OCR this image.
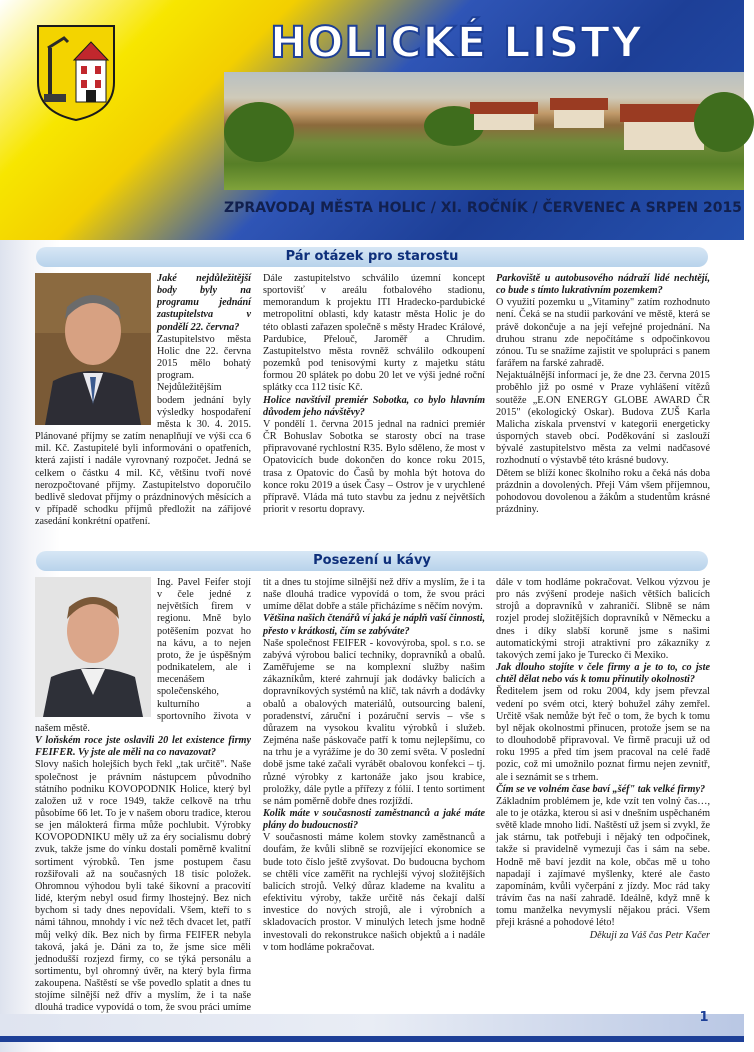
HOLICKÉ LISTY
ZPRAVODAJ MĚSTA HOLIC / XI. ROČNÍK / ČERVENEC A SRPEN 2015
Pár otázek pro starostu

Jaké nejdůležitější body byly na programu jednání zastupitelstva v pondělí 22. června?

Zastupitelstvo města Holic dne 22. června 2015 mělo bohatý program. Nejdůležitějším bodem jednání byly výsledky hospodaření města k 30. 4. 2015. Plánované příjmy se zatím nenaplňují ve výši cca 6 mil. Kč. Zastupitelé byli informováni o opatřeních, která zajistí i nadále vyrovnaný rozpočet. Jedná se celkem o částku 4 mil. Kč, většinu tvoří nové nerozpočtované příjmy. Zastupitelstvo doporučilo bedlivě sledovat příjmy o prázdninových měsících a v případě schodku příjmů předložit na zářijové zasedání konkrétní opatření.

Dále zastupitelstvo schválilo územní koncept sportovišť v areálu fotbalového stadionu, memorandum k projektu ITI Hradecko-pardubické metropolitní oblasti, kdy katastr města Holic je do této oblasti zařazen společně s městy Hradec Králové, Pardubice, Přelouč, Jaroměř a Chrudim. Zastupitelstvo města rovněž schválilo odkoupení pozemků pod tenisovými kurty z majetku státu formou 20 splátek po dobu 20 let ve výši jedné roční splátky cca 112 tisíc Kč.

Holice navštívil premiér Sobotka, co bylo hlavním důvodem jeho návštěvy?

V pondělí 1. června 2015 jednal na radnici premiér ČR Bohuslav Sobotka se starosty obcí na trase připravované rychlostní R35. Bylo sděleno, že most v Opatovicích bude dokončen do konce roku 2015, trasa z Opatovic do Časů by mohla být hotova do konce roku 2019 a úsek Časy – Ostrov je v urychlené přípravě. Vláda má tuto stavbu za jednu z největších priorit v resortu dopravy.

Parkoviště u autobusového nádraží lidé nechtějí, co bude s tímto lukrativním pozemkem?

O využití pozemku u „Vitaminy" zatím rozhodnuto není. Čeká se na studii parkování ve městě, která se právě dokončuje a na její veřejné projednání. Na druhou stranu zde nepočítáme s odpočinkovou zónou. Tu se snažíme zajistit ve spolupráci s panem farářem na farské zahradě.

Nejaktuálnější informací je, že dne 23. června 2015 proběhlo již po osmé v Praze vyhlášení vítězů soutěže „E.ON ENERGY GLOBE AWARD ČR 2015" (ekologický Oskar). Budova ZUŠ Karla Malicha získala prvenství v kategorii energeticky úsporných staveb obcí. Poděkování si zaslouží bývalé zastupitelstvo města za velmi nadčasové rozhodnutí o výstavbě této krásné budovy.

Dětem se blíží konec školního roku a čeká nás doba prázdnin a dovolených. Přeji Vám všem příjemnou, pohodovou dovolenou a žákům a studentům krásné prázdniny.

Posezení u kávy

Ing. Pavel Feifer stojí v čele jedné z největších firem v regionu. Mně bylo potěšením pozvat ho na kávu, a to nejen proto, že je úspěšným podnikatelem, ale i mecenášem společenského, kulturního a sportovního života v našem městě.

V loňském roce jste oslavili 20 let existence firmy FEIFER. Vy jste ale měli na co navazovat?

Slovy našich holejších bych řekl „tak určitě". Naše společnost je právním nástupcem původního státního podniku KOVOPODNIK Holice, který byl založen už v roce 1949, takže celkově na trhu působíme 66 let. To je v našem oboru tradice, kterou se jen málokterá firma může pochlubit. Výrobky KOVOPODNIKU měly už za éry socialismu dobrý zvuk, takže jsme do vínku dostali poměrně kvalitní sortiment výrobků. Ten jsme postupem času rozšiřovali až na současných 18 tisíc položek. Ohromnou výhodou byli také šikovní a pracovití lidé, kterým nebyl osud firmy lhostejný. Bez nich bychom si tady dnes nepovídali. Všem, kteří to s námi táhnou, mnohdy i víc než těch dvacet let, patří můj velký dík. Bez nich by firma FEIFER nebyla taková, jaká je. Dáni za to, že jsme sice měli jednodušší rozjezd firmy, co se týká personálu a sortimentu, byl ohromný úvěr, na který byla firma zakoupena. Naštěstí se vše povedlo splatit a dnes tu stojíme silnější než dřív a myslím, že i ta naše dlouhá tradice vypovídá o tom, že svou práci umíme

tit a dnes tu stojíme silnější než dřív a myslím, že i ta naše dlouhá tradice vypovídá o tom, že svou práci umíme dělat dobře a stále přicházíme s něčím novým.

Většina našich čtenářů ví jaká je náplň vaší činnosti, přesto v krátkosti, čím se zabýváte?

Naše společnost FEIFER - kovovýroba, spol. s r.o. se zabývá výrobou balicí techniky, dopravníků a obalů. Zaměřujeme se na komplexní služby našim zákazníkům, které zahrnují jak dodávky balicích a dopravníkových systémů na klíč, tak návrh a dodávky obalů a obalových materiálů, outsourcing balení, poradenství, záruční i pozáruční servis – vše s důrazem na vysokou kvalitu výrobků i služeb. Zejména naše páskovače patří k tomu nejlepšímu, co na trhu je a vyrážíme je do 30 zemí světa. V poslední době jsme také začali vyrábět obalovou konfekci – tj. různé výrobky z kartonáže jako jsou krabice, proložky, dále pytle a přířezy z fólií. I tento sortiment se nám poměrně dobře dnes rozjíždí.

Kolik máte v současnosti zaměstnanců a jaké máte plány do budoucnosti?

V současnosti máme kolem stovky zaměstnanců a doufám, že kvůli slibně se rozvíjející ekonomice se bude toto číslo ještě zvyšovat. Do budoucna bychom se chtěli více zaměřit na rychlejší vývoj složitějších balicích strojů. Velký důraz klademe na kvalitu a efektivitu výroby, takže určitě nás čekají další investice do nových strojů, ale i výrobních a skladovacích prostor. V minulých letech jsme hodně investovali do rekonstrukce našich objektů a i nadále v tom hodláme pokračovat.

dále v tom hodláme pokračovat. Velkou výzvou je pro nás zvýšení prodeje našich větších balicích strojů a dopravníků v zahraničí. Slibně se nám rozjel prodej složitějších dopravníků v Německu a dnes i díky slabší koruně jsme s našimi automatickými stroji atraktivní pro zákazníky z takových zemí jako je Turecko či Mexiko.

Jak dlouho stojíte v čele firmy a je to to, co jste chtěl dělat nebo vás k tomu přinutily okolnosti?

Ředitelem jsem od roku 2004, kdy jsem převzal vedení po svém otci, který bohužel záhy zemřel. Určitě však nemůže být řeč o tom, že bych k tomu byl nějak okolnostmi přinucen, protože jsem se na to dlouhodobě připravoval. Ve firmě pracuji už od roku 1995 a před tím jsem pracoval na celé řadě pozic, což mi umožnilo poznat firmu nejen zevnitř, ale i seznámit se s trhem.

Čím se ve volném čase baví „šéf" tak velké firmy?

Základním problémem je, kde vzít ten volný čas…, ale to je otázka, kterou si asi v dnešním uspěchaném světě klade mnoho lidí. Naštěstí už jsem si zvykl, že jak stárnu, tak potřebuji i nějaký ten odpočinek, takže si pravidelně vymezuji čas i sám na sebe. Hodně mě baví jezdit na kole, občas mě u toho napadají i zajímavé myšlenky, které ale často zapomínám, kvůli vyčerpání z jízdy. Moc rád taky trávím čas na naší zahradě. Ideálně, když mně k tomu manželka nevymyslí nějakou práci. Všem přeji krásné a pohodové léto!

Děkuji za Váš čas Petr Kačer

1
